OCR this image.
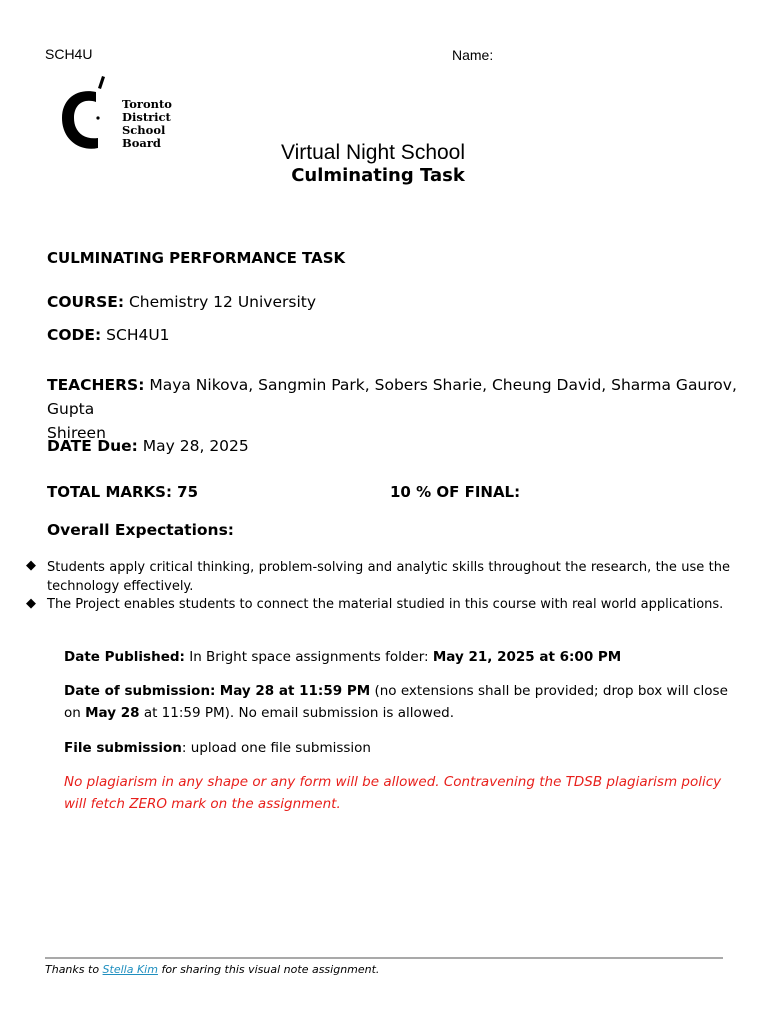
SCH4U	Name:
Toronto
District
School
Board	Virtual Night School
Culminating Task
CULMINATING PERFORMANCE TASK
COURSE: Chemistry 12 University
CODE: SCH4U1
TEACHERS: Maya Nikova, Sangmin Park, Sobers Sharie, Cheung David, Sharma Gaurov, Gupta
Shireen
DATE Due: May 28, 2025
TOTAL MARKS: 75	10 % OF FINAL:
Overall Expectations:
◆ Students apply critical thinking, problem-solving and analytic skills throughout the research, the use the technology effectively.
◆ The Project enables students to connect the material studied in this course with real world applications.
Date Published: In Bright space assignments folder: May 21, 2025 at 6:00 PM
Date of submission: May 28 at 11:59 PM (no extensions shall be provided; drop box will close on May 28 at 11:59 PM). No email submission is allowed.
File submission: upload one file submission
No plagiarism in any shape or any form will be allowed. Contravening the TDSB plagiarism policy will fetch ZERO mark on the assignment.
Thanks to Stella Kim for sharing this visual note assignment.
